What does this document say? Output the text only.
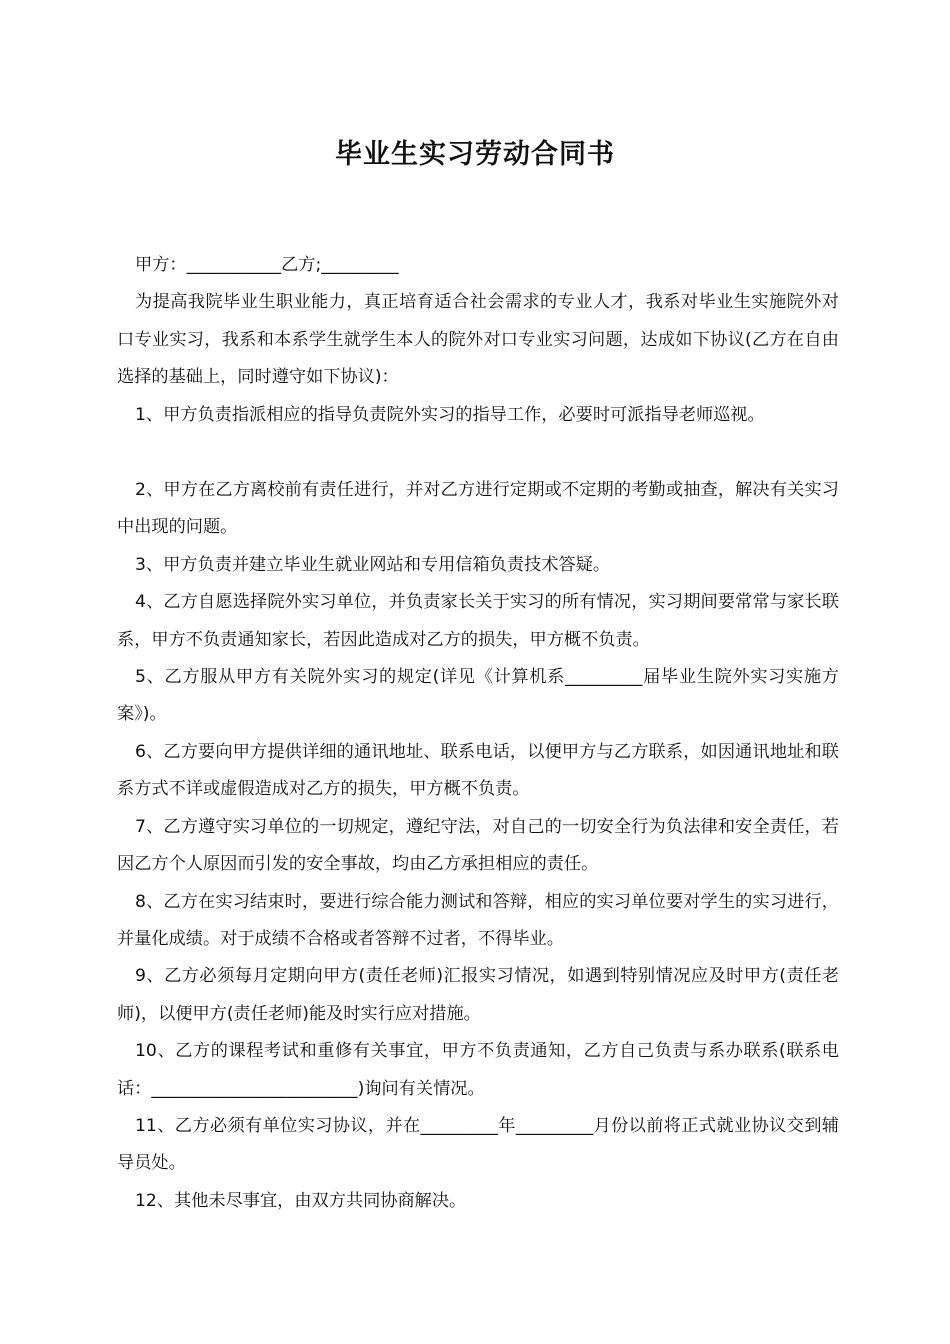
毕业生实习劳动合同书

甲方：___________乙方;_________

为提高我院毕业生职业能力，真正培育适合社会需求的专业人才，我系对毕业生实施院外对口专业实习，我系和本系学生就学生本人的院外对口专业实习问题，达成如下协议(乙方在自由选择的基础上，同时遵守如下协议)：

1、甲方负责指派相应的指导负责院外实习的指导工作，必要时可派指导老师巡视。

2、甲方在乙方离校前有责任进行，并对乙方进行定期或不定期的考勤或抽查，解决有关实习中出现的问题。

3、甲方负责并建立毕业生就业网站和专用信箱负责技术答疑。

4、乙方自愿选择院外实习单位，并负责家长关于实习的所有情况，实习期间要常常与家长联系，甲方不负责通知家长，若因此造成对乙方的损失，甲方概不负责。

5、乙方服从甲方有关院外实习的规定(详见《计算机系_________届毕业生院外实习实施方案》)。

6、乙方要向甲方提供详细的通讯地址、联系电话，以便甲方与乙方联系，如因通讯地址和联系方式不详或虚假造成对乙方的损失，甲方概不负责。

7、乙方遵守实习单位的一切规定，遵纪守法，对自己的一切安全行为负法律和安全责任，若因乙方个人原因而引发的安全事故，均由乙方承担相应的责任。

8、乙方在实习结束时，要进行综合能力测试和答辩，相应的实习单位要对学生的实习进行，并量化成绩。对于成绩不合格或者答辩不过者，不得毕业。

9、乙方必须每月定期向甲方(责任老师)汇报实习情况，如遇到特别情况应及时甲方(责任老师)，以便甲方(责任老师)能及时实行应对措施。

10、乙方的课程考试和重修有关事宜，甲方不负责通知，乙方自己负责与系办联系(联系电话：________________________)询问有关情况。

11、乙方必须有单位实习协议，并在_________年_________月份以前将正式就业协议交到辅导员处。

12、其他未尽事宜，由双方共同协商解决。
